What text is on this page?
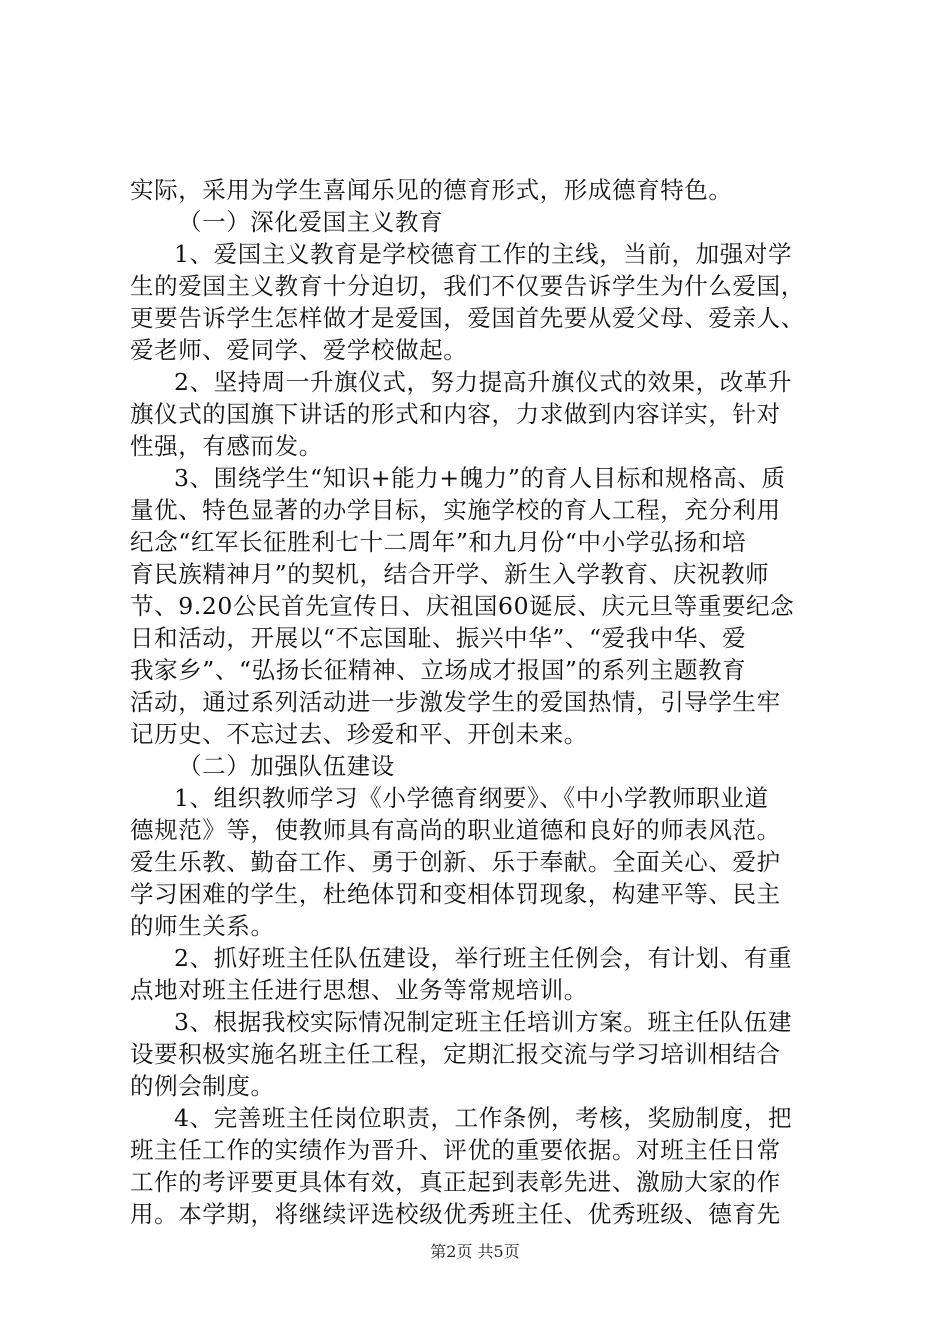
实际，采用为学生喜闻乐见的德育形式，形成德育特色。
（一）深化爱国主义教育
1、爱国主义教育是学校德育工作的主线，当前，加强对学
生的爱国主义教育十分迫切，我们不仅要告诉学生为什么爱国，
更要告诉学生怎样做才是爱国，爱国首先要从爱父母、爱亲人、
爱老师、爱同学、爱学校做起。
2、坚持周一升旗仪式，努力提高升旗仪式的效果，改革升
旗仪式的国旗下讲话的形式和内容，力求做到内容详实，针对
性强，有感而发。
3、围绕学生“知识+能力+魄力”的育人目标和规格高、质
量优、特色显著的办学目标，实施学校的育人工程，充分利用
纪念“红军长征胜利七十二周年”和九月份“中小学弘扬和培
育民族精神月”的契机，结合开学、新生入学教育、庆祝教师
节、9.20公民首先宣传日、庆祖国60诞辰、庆元旦等重要纪念
日和活动，开展以“不忘国耻、振兴中华”、“爱我中华、爱
我家乡”、“弘扬长征精神、立场成才报国”的系列主题教育
活动，通过系列活动进一步激发学生的爱国热情，引导学生牢
记历史、不忘过去、珍爱和平、开创未来。
（二）加强队伍建设
1、组织教师学习《小学德育纲要》、《中小学教师职业道
德规范》等，使教师具有高尚的职业道德和良好的师表风范。
爱生乐教、勤奋工作、勇于创新、乐于奉献。全面关心、爱护
学习困难的学生，杜绝体罚和变相体罚现象，构建平等、民主
的师生关系。
2、抓好班主任队伍建设，举行班主任例会，有计划、有重
点地对班主任进行思想、业务等常规培训。
3、根据我校实际情况制定班主任培训方案。班主任队伍建
设要积极实施名班主任工程，定期汇报交流与学习培训相结合
的例会制度。
4、完善班主任岗位职责，工作条例，考核，奖励制度，把
班主任工作的实绩作为晋升、评优的重要依据。对班主任日常
工作的考评要更具体有效，真正起到表彰先进、激励大家的作
用。本学期，将继续评选校级优秀班主任、优秀班级、德育先
第2页 共5页
